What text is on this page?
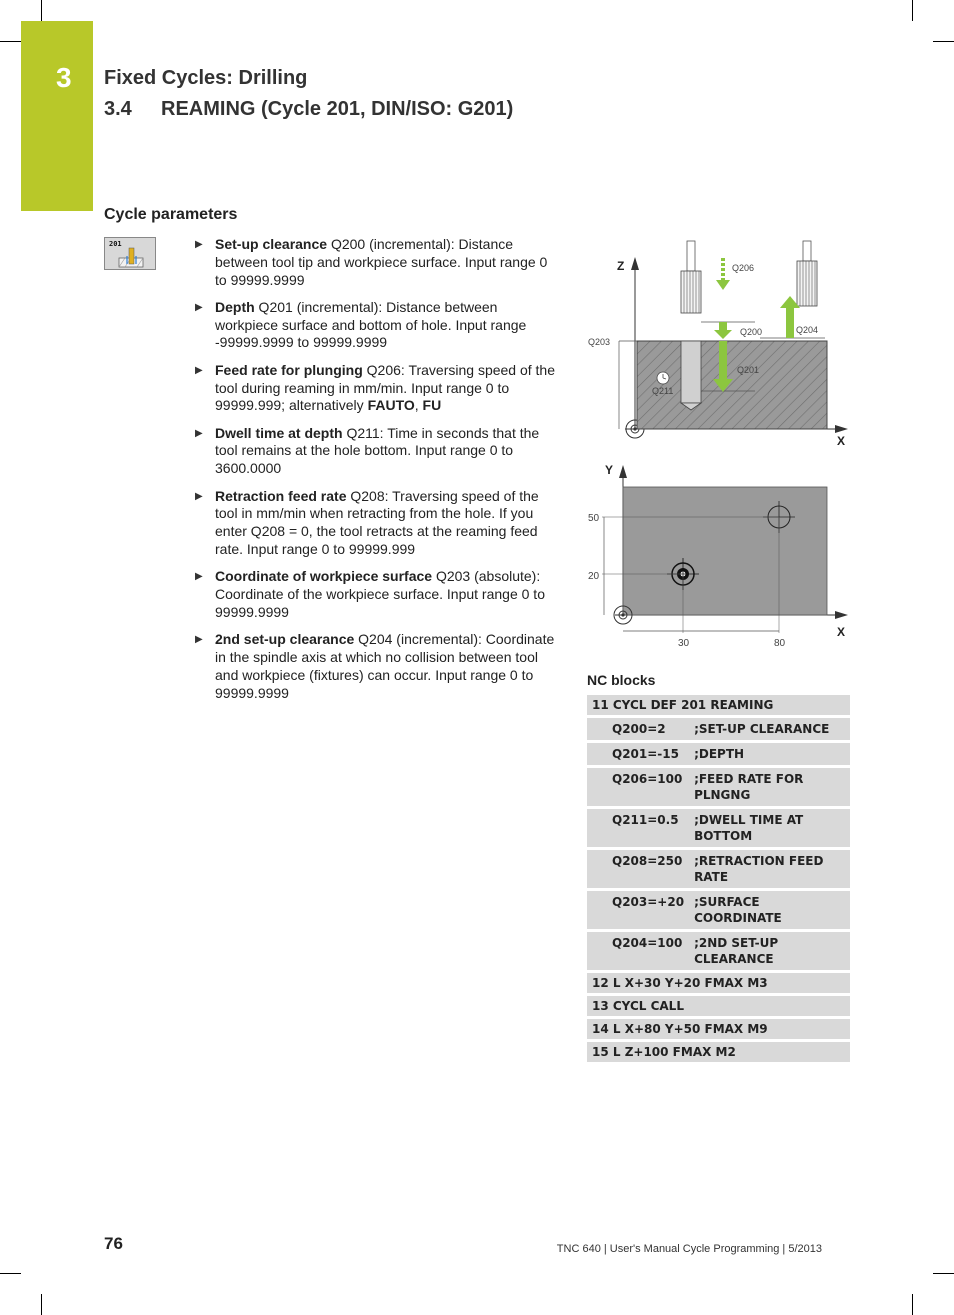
3 Fixed Cycles: Drilling
3.4 REAMING (Cycle 201, DIN/ISO: G201)
Cycle parameters
201	▶ Set-up clearance Q200 (incremental): Distance between tool tip and workpiece surface. Input range 0 to 99999.9999
▶ Depth Q201 (incremental): Distance between workpiece surface and bottom of hole. Input range -99999.9999 to 99999.9999
▶ Feed rate for plunging Q206: Traversing speed of the tool during reaming in mm/min. Input range 0 to 99999.999; alternatively FAUTO, FU
▶ Dwell time at depth Q211: Time in seconds that the tool remains at the hole bottom. Input range 0 to 3600.0000
▶ Retraction feed rate Q208: Traversing speed of the tool in mm/min when retracting from the hole. If you enter Q208 = 0, the tool retracts at the reaming feed rate. Input range 0 to 99999.999
▶ Coordinate of workpiece surface Q203 (absolute): Coordinate of the workpiece surface. Input range 0 to 99999.9999
▶ 2nd set-up clearance Q204 (incremental): Coordinate in the spindle axis at which no collision between tool and workpiece (fixtures) can occur. Input range 0 to 99999.9999
Z
X
Q206
Q200
Q201
Q204
Q203
Q211
Y
X
50
20
30	80
NC blocks
11 CYCL DEF 201 REAMING	
Q200=2	;SET-UP CLEARANCE
Q201=-15	;DEPTH
Q206=100	;FEED RATE FOR PLNGNG
Q211=0.5	;DWELL TIME AT BOTTOM
Q208=250	;RETRACTION FEED RATE
Q203=+20	;SURFACE COORDINATE
Q204=100	;2ND SET-UP CLEARANCE
12 L X+30 Y+20 FMAX M3	
13 CYCL CALL	
14 L X+80 Y+50 FMAX M9	
15 L Z+100 FMAX M2	
76	TNC 640 | User's Manual Cycle Programming | 5/2013
